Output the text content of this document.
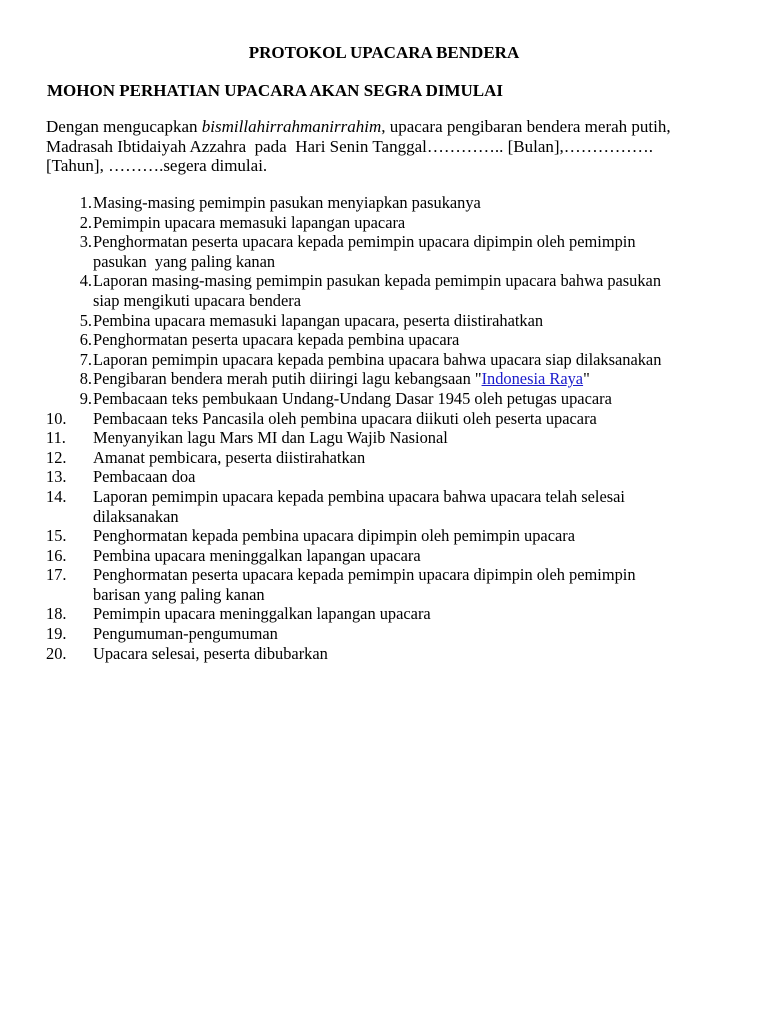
PROTOKOL UPACARA BENDERA
MOHON PERHATIAN UPACARA AKAN SEGRA DIMULAI

Dengan mengucapkan bismillahirrahmanirrahim, upacara pengibaran bendera merah putih,
Madrasah Ibtidaiyah Azzahra  pada  Hari Senin Tanggal………….. [Bulan],…………….
[Tahun], ……….segera dimulai.

1. Masing-masing pemimpin pasukan menyiapkan pasukanya
2. Pemimpin upacara memasuki lapangan upacara
3. Penghormatan peserta upacara kepada pemimpin upacara dipimpin oleh pemimpin
pasukan  yang paling kanan
4. Laporan masing-masing pemimpin pasukan kepada pemimpin upacara bahwa pasukan
siap mengikuti upacara bendera
5. Pembina upacara memasuki lapangan upacara, peserta diistirahatkan
6. Penghormatan peserta upacara kepada pembina upacara
7. Laporan pemimpin upacara kepada pembina upacara bahwa upacara siap dilaksanakan
8. Pengibaran bendera merah putih diiringi lagu kebangsaan "Indonesia Raya"
9. Pembacaan teks pembukaan Undang-Undang Dasar 1945 oleh petugas upacara
10.	Pembacaan teks Pancasila oleh pembina upacara diikuti oleh peserta upacara
11.	Menyanyikan lagu Mars MI dan Lagu Wajib Nasional
12.	Amanat pembicara, peserta diistirahatkan
13.	Pembacaan doa
14.	Laporan pemimpin upacara kepada pembina upacara bahwa upacara telah selesai
dilaksanakan
15.	Penghormatan kepada pembina upacara dipimpin oleh pemimpin upacara
16.	Pembina upacara meninggalkan lapangan upacara
17.	Penghormatan peserta upacara kepada pemimpin upacara dipimpin oleh pemimpin
barisan yang paling kanan
18.	Pemimpin upacara meninggalkan lapangan upacara
19.	Pengumuman-pengumuman
20.	Upacara selesai, peserta dibubarkan
